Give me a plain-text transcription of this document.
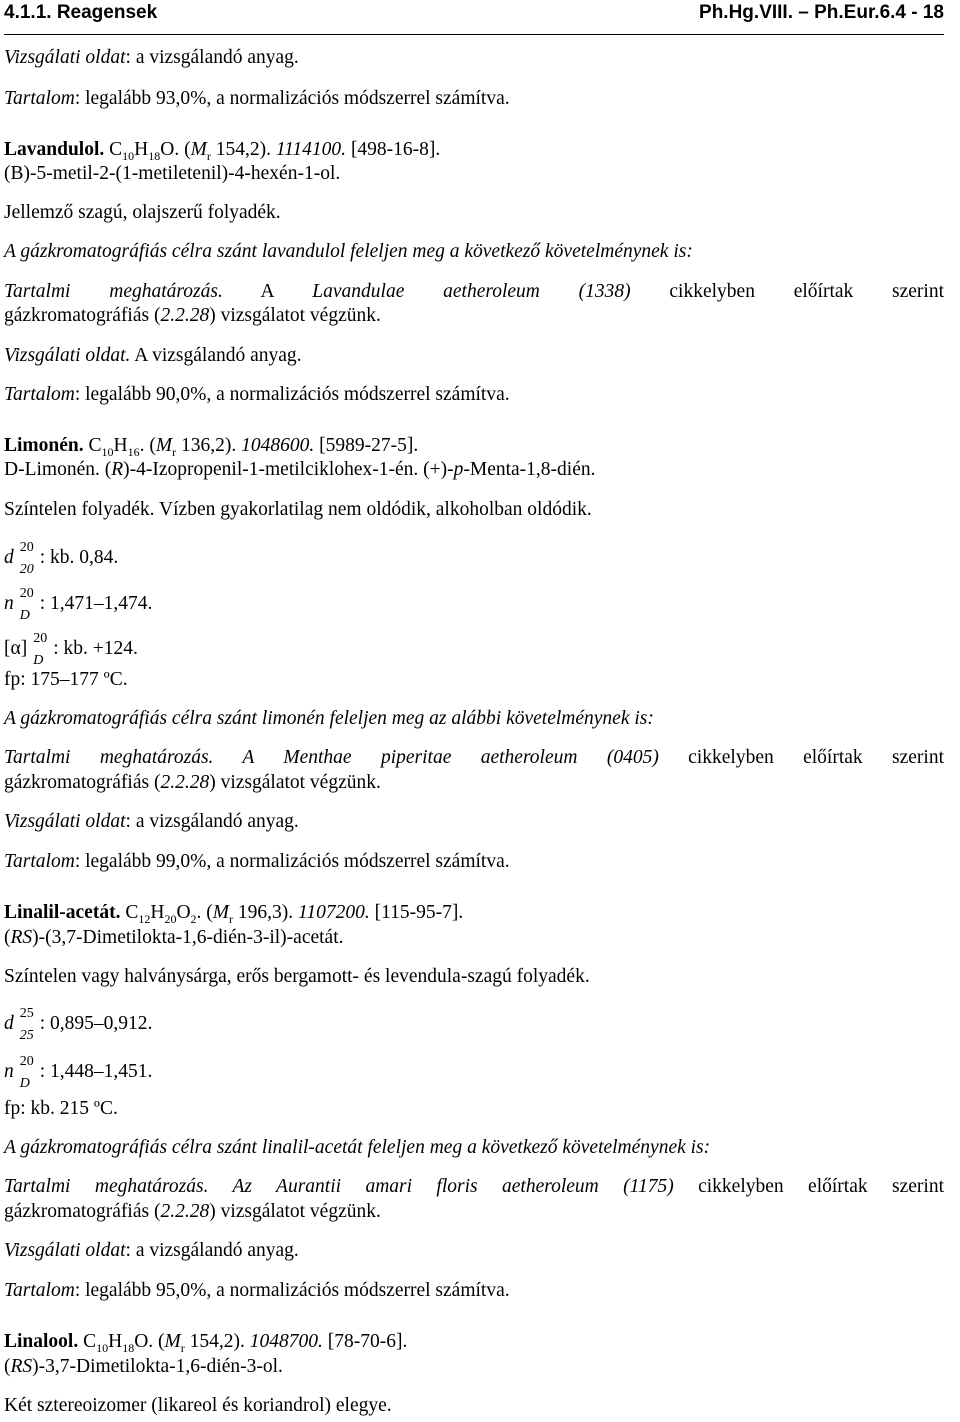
4.1.1. Reagensek	Ph.Hg.VIII. – Ph.Eur.6.4 - 18
Vizsgálati oldat: a vizsgálandó anyag.
Tartalom: legalább 93,0%, a normalizációs módszerrel számítva.
Lavandulol. $C_{10}H_{18}O$. ($M_r$ 154,2). 1114100. [498-16-8].
(B)-5-metil-2-(1-metiletenil)-4-hexén-1-ol.
Jellemző szagú, olajszerű folyadék.
A gázkromatográfiás célra szánt lavandulol feleljen meg a következő követelménynek is:
Tartalmi meghatározás. A Lavandulae aetheroleum (1338) cikkelyben előírtak szerint
gázkromatográfiás (2.2.28) vizsgálatot végzünk.
Vizsgálati oldat. A vizsgálandó anyag.
Tartalom: legalább 90,0%, a normalizációs módszerrel számítva.
Limonén. $C_{10}H_{16}$. ($M_r$ 136,2). 1048600. [5989-27-5].
D-Limonén. (R)-4-Izopropenil-1-metilciklohex-1-én. (+)-p-Menta-1,8-dién.
Színtelen folyadék. Vízben gyakorlatilag nem oldódik, alkoholban oldódik.
d 20
20
: kb. 0,84.
n 20
D
: 1,471–1,474.
[α] 20
D
: kb. +124.
fp: 175–177 ºC.
A gázkromatográfiás célra szánt limonén feleljen meg az alábbi követelménynek is:
Tartalmi meghatározás. A Menthae piperitae aetheroleum (0405) cikkelyben előírtak szerint
gázkromatográfiás (2.2.28) vizsgálatot végzünk.
Vizsgálati oldat: a vizsgálandó anyag.
Tartalom: legalább 99,0%, a normalizációs módszerrel számítva.
Linalil-acetát. $C_{12}H_{20}O_2$. ($M_r$ 196,3). 1107200. [115-95-7].
(RS)-(3,7-Dimetilokta-1,6-dién-3-il)-acetát.
Színtelen vagy halványsárga, erős bergamott- és levendula-szagú folyadék.
d 25
25
: 0,895–0,912.
n 20
D
: 1,448–1,451.
fp: kb. 215 ºC.
A gázkromatográfiás célra szánt linalil-acetát feleljen meg a következő követelménynek is:
Tartalmi meghatározás. Az Aurantii amari floris aetheroleum (1175) cikkelyben előírtak szerint
gázkromatográfiás (2.2.28) vizsgálatot végzünk.
Vizsgálati oldat: a vizsgálandó anyag.
Tartalom: legalább 95,0%, a normalizációs módszerrel számítva.
Linalool. $C_{10}H_{18}O$. ($M_r$ 154,2). 1048700. [78-70-6].
(RS)-3,7-Dimetilokta-1,6-dién-3-ol.
Két sztereoizomer (likareol és koriandrol) elegye.
